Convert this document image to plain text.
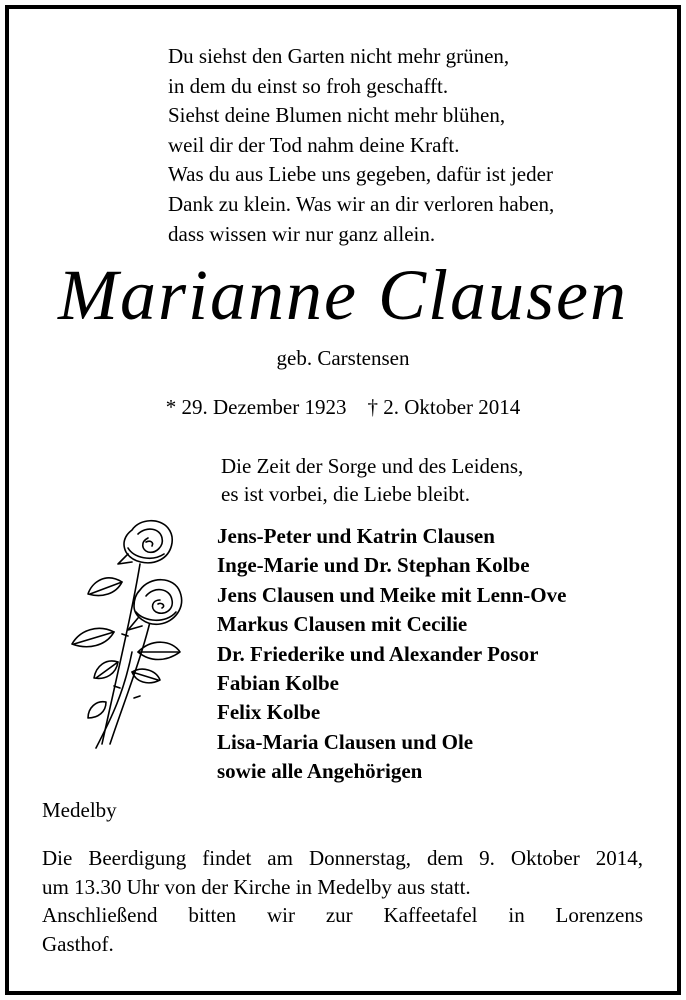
Du siehst den Garten nicht mehr grünen,
in dem du einst so froh geschafft.
Siehst deine Blumen nicht mehr blühen,
weil dir der Tod nahm deine Kraft.
Was du aus Liebe uns gegeben, dafür ist jeder
Dank zu klein. Was wir an dir verloren haben,
dass wissen wir nur ganz allein.
Marianne Clausen
geb. Carstensen
* 29. Dezember 1923    † 2. Oktober 2014
Die Zeit der Sorge und des Leidens,
es ist vorbei, die Liebe bleibt.
Jens-Peter und Katrin Clausen
Inge-Marie und Dr. Stephan Kolbe
Jens Clausen und Meike mit Lenn-Ove
Markus Clausen mit Cecilie
Dr. Friederike und Alexander Posor
Fabian Kolbe
Felix Kolbe
Lisa-Maria Clausen und Ole
sowie alle Angehörigen
Medelby
Die Beerdigung findet am Donnerstag, dem 9. Oktober 2014,
um 13.30 Uhr von der Kirche in Medelby aus statt.
Anschließend bitten wir zur Kaffeetafel in Lorenzens
Gasthof.
